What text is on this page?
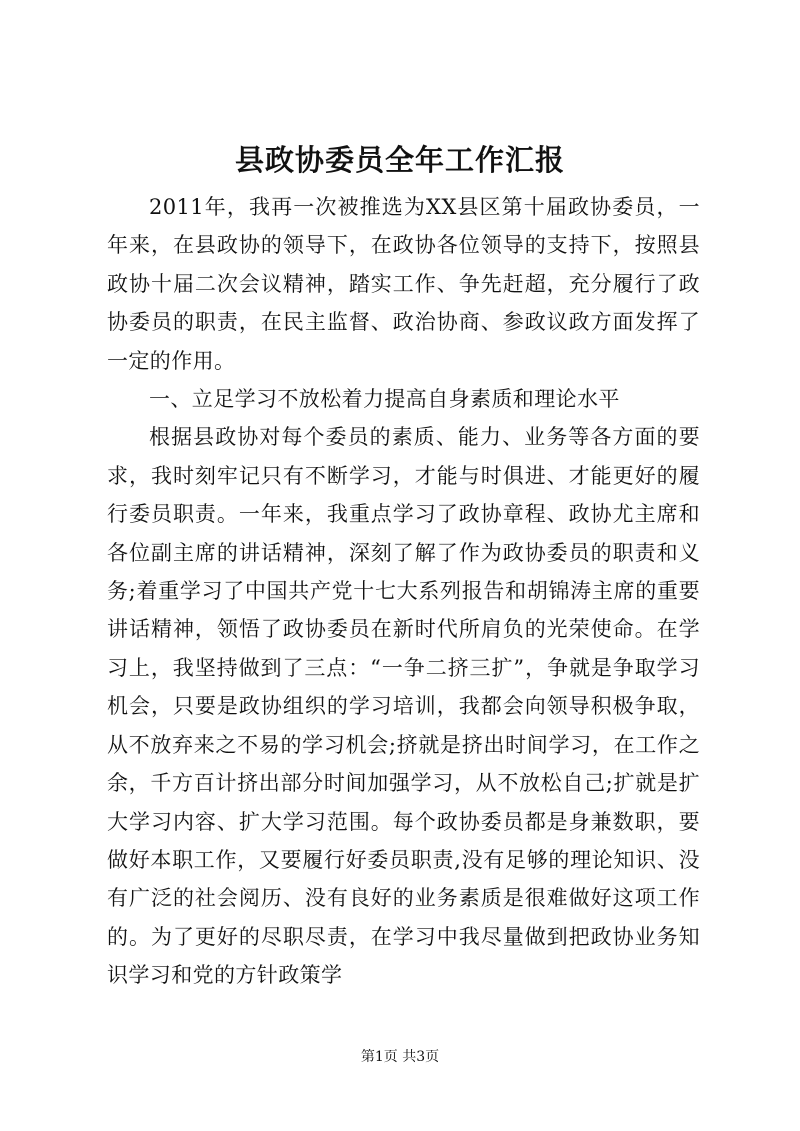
县政协委员全年工作汇报

2011年，我再一次被推选为XX县区第十届政协委员，一年来，在县政协的领导下，在政协各位领导的支持下，按照县政协十届二次会议精神，踏实工作、争先赶超，充分履行了政协委员的职责，在民主监督、政治协商、参政议政方面发挥了一定的作用。

一、立足学习不放松着力提高自身素质和理论水平

根据县政协对每个委员的素质、能力、业务等各方面的要求，我时刻牢记只有不断学习，才能与时俱进、才能更好的履行委员职责。一年来，我重点学习了政协章程、政协尤主席和各位副主席的讲话精神，深刻了解了作为政协委员的职责和义务;着重学习了中国共产党十七大系列报告和胡锦涛主席的重要讲话精神，领悟了政协委员在新时代所肩负的光荣使命。在学习上，我坚持做到了三点：“一争二挤三扩”，争就是争取学习机会，只要是政协组织的学习培训，我都会向领导积极争取，从不放弃来之不易的学习机会;挤就是挤出时间学习，在工作之余，千方百计挤出部分时间加强学习，从不放松自己;扩就是扩大学习内容、扩大学习范围。每个政协委员都是身兼数职，要做好本职工作，又要履行好委员职责,没有足够的理论知识、没有广泛的社会阅历、没有良好的业务素质是很难做好这项工作的。为了更好的尽职尽责，在学习中我尽量做到把政协业务知识学习和党的方针政策学

第1页 共3页
